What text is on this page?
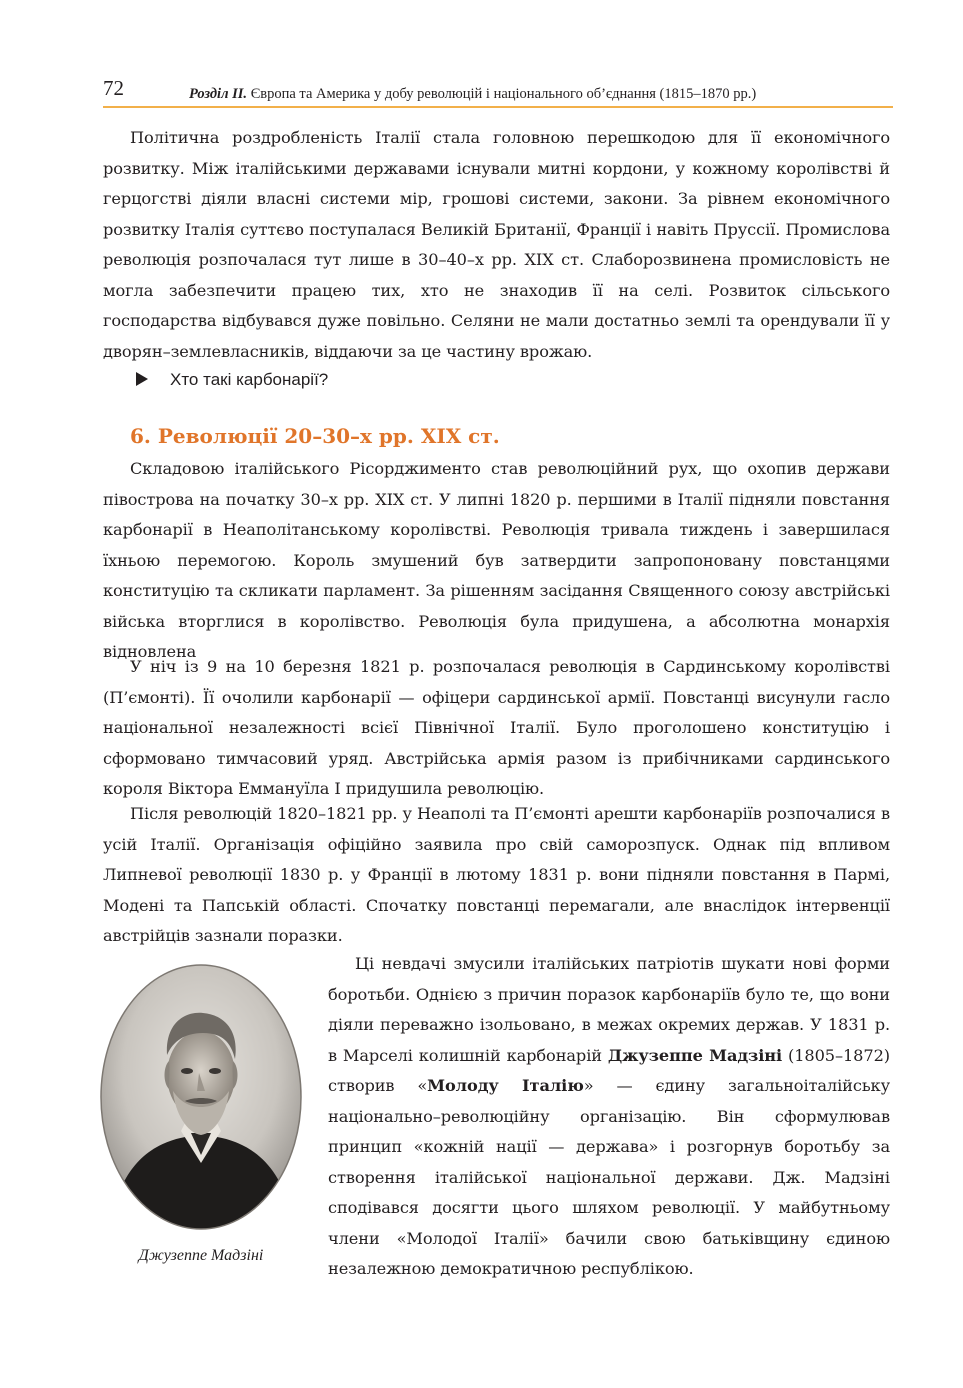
72	Розділ ІІ. Європа та Америка у добу революцій і національного об’єднання (1815–1870 рр.)

Політична роздробленість Італії стала головною перешкодою для її економічного розвитку. Між італійськими державами існували митні кордони, у кожному королівстві й герцогстві діяли власні системи мір, грошові системи, закони. За рівнем економічного розвитку Італія суттєво поступалася Великій Британії, Франції і навіть Пруссії. Промислова революція розпочалася тут лише в 30–40–х рр. ХІХ ст. Слаборозвинена промисловість не могла забезпечити працею тих, хто не знаходив її на селі. Розвиток сільського господарства відбувався дуже повільно. Селяни не мали достатньо землі та орендували її у дворян–землевласників, віддаючи за це частину врожаю.

Хто такі карбонарії?
6. Революції 20–30–х рр. ХІХ ст.

Складовою італійського Рісорджименто став революційний рух, що охопив держави півострова на початку 30–х рр. ХІХ ст. У липні 1820 р. першими в Італії підняли повстання карбонарії в Неаполітанському королівстві. Революція тривала тиждень і завершилася їхньою перемогою. Король змушений був затвердити запропоновану повстанцями конституцію та скликати парламент. За рішенням засідання Священного союзу австрійські війська вторглися в королівство. Революція була придушена, а абсолютна монархія відновлена

У ніч із 9 на 10 березня 1821 р. розпочалася революція в Сардинському королівстві (П’ємонті). Її очолили карбонарії — офіцери сардинської армії. Повстанці висунули гасло національної незалежності всієї Північної Італії. Було проголошено конституцію і сформовано тимчасовий уряд. Австрійська армія разом із прибічниками сардинського короля Віктора Еммануїла І придушила революцію.

Після революцій 1820–1821 рр. у Неаполі та П’ємонті арешти карбонаріїв розпочалися в усій Італії. Організація офіційно заявила про свій саморозпуск. Однак під впливом Липневої революції 1830 р. у Франції в лютому 1831 р. вони підняли повстання в Пармі, Модені та Папській області. Спочатку повстанці перемагали, але внаслідок інтервенції австрійців зазнали поразки.

Джузеппе Мадзіні

Ці невдачі змусили італійських патріотів шукати нові форми боротьби. Однією з причин поразок карбонаріїв було те, що вони діяли переважно ізольовано, в межах окремих держав. У 1831 р. в Марселі колишній карбонарій Джузеппе Мадзіні (1805–1872) створив «Молоду Італію» — єдину загальноіталійську національно–революційну організацію. Він сформулював принцип «кожній нації — держава» і розгорнув боротьбу за створення італійської національної держави. Дж. Мадзіні сподівався досягти цього шляхом революції. У майбутньому члени «Молодої Італії» бачили свою батьківщину єдиною незалежною демократичною республікою.
